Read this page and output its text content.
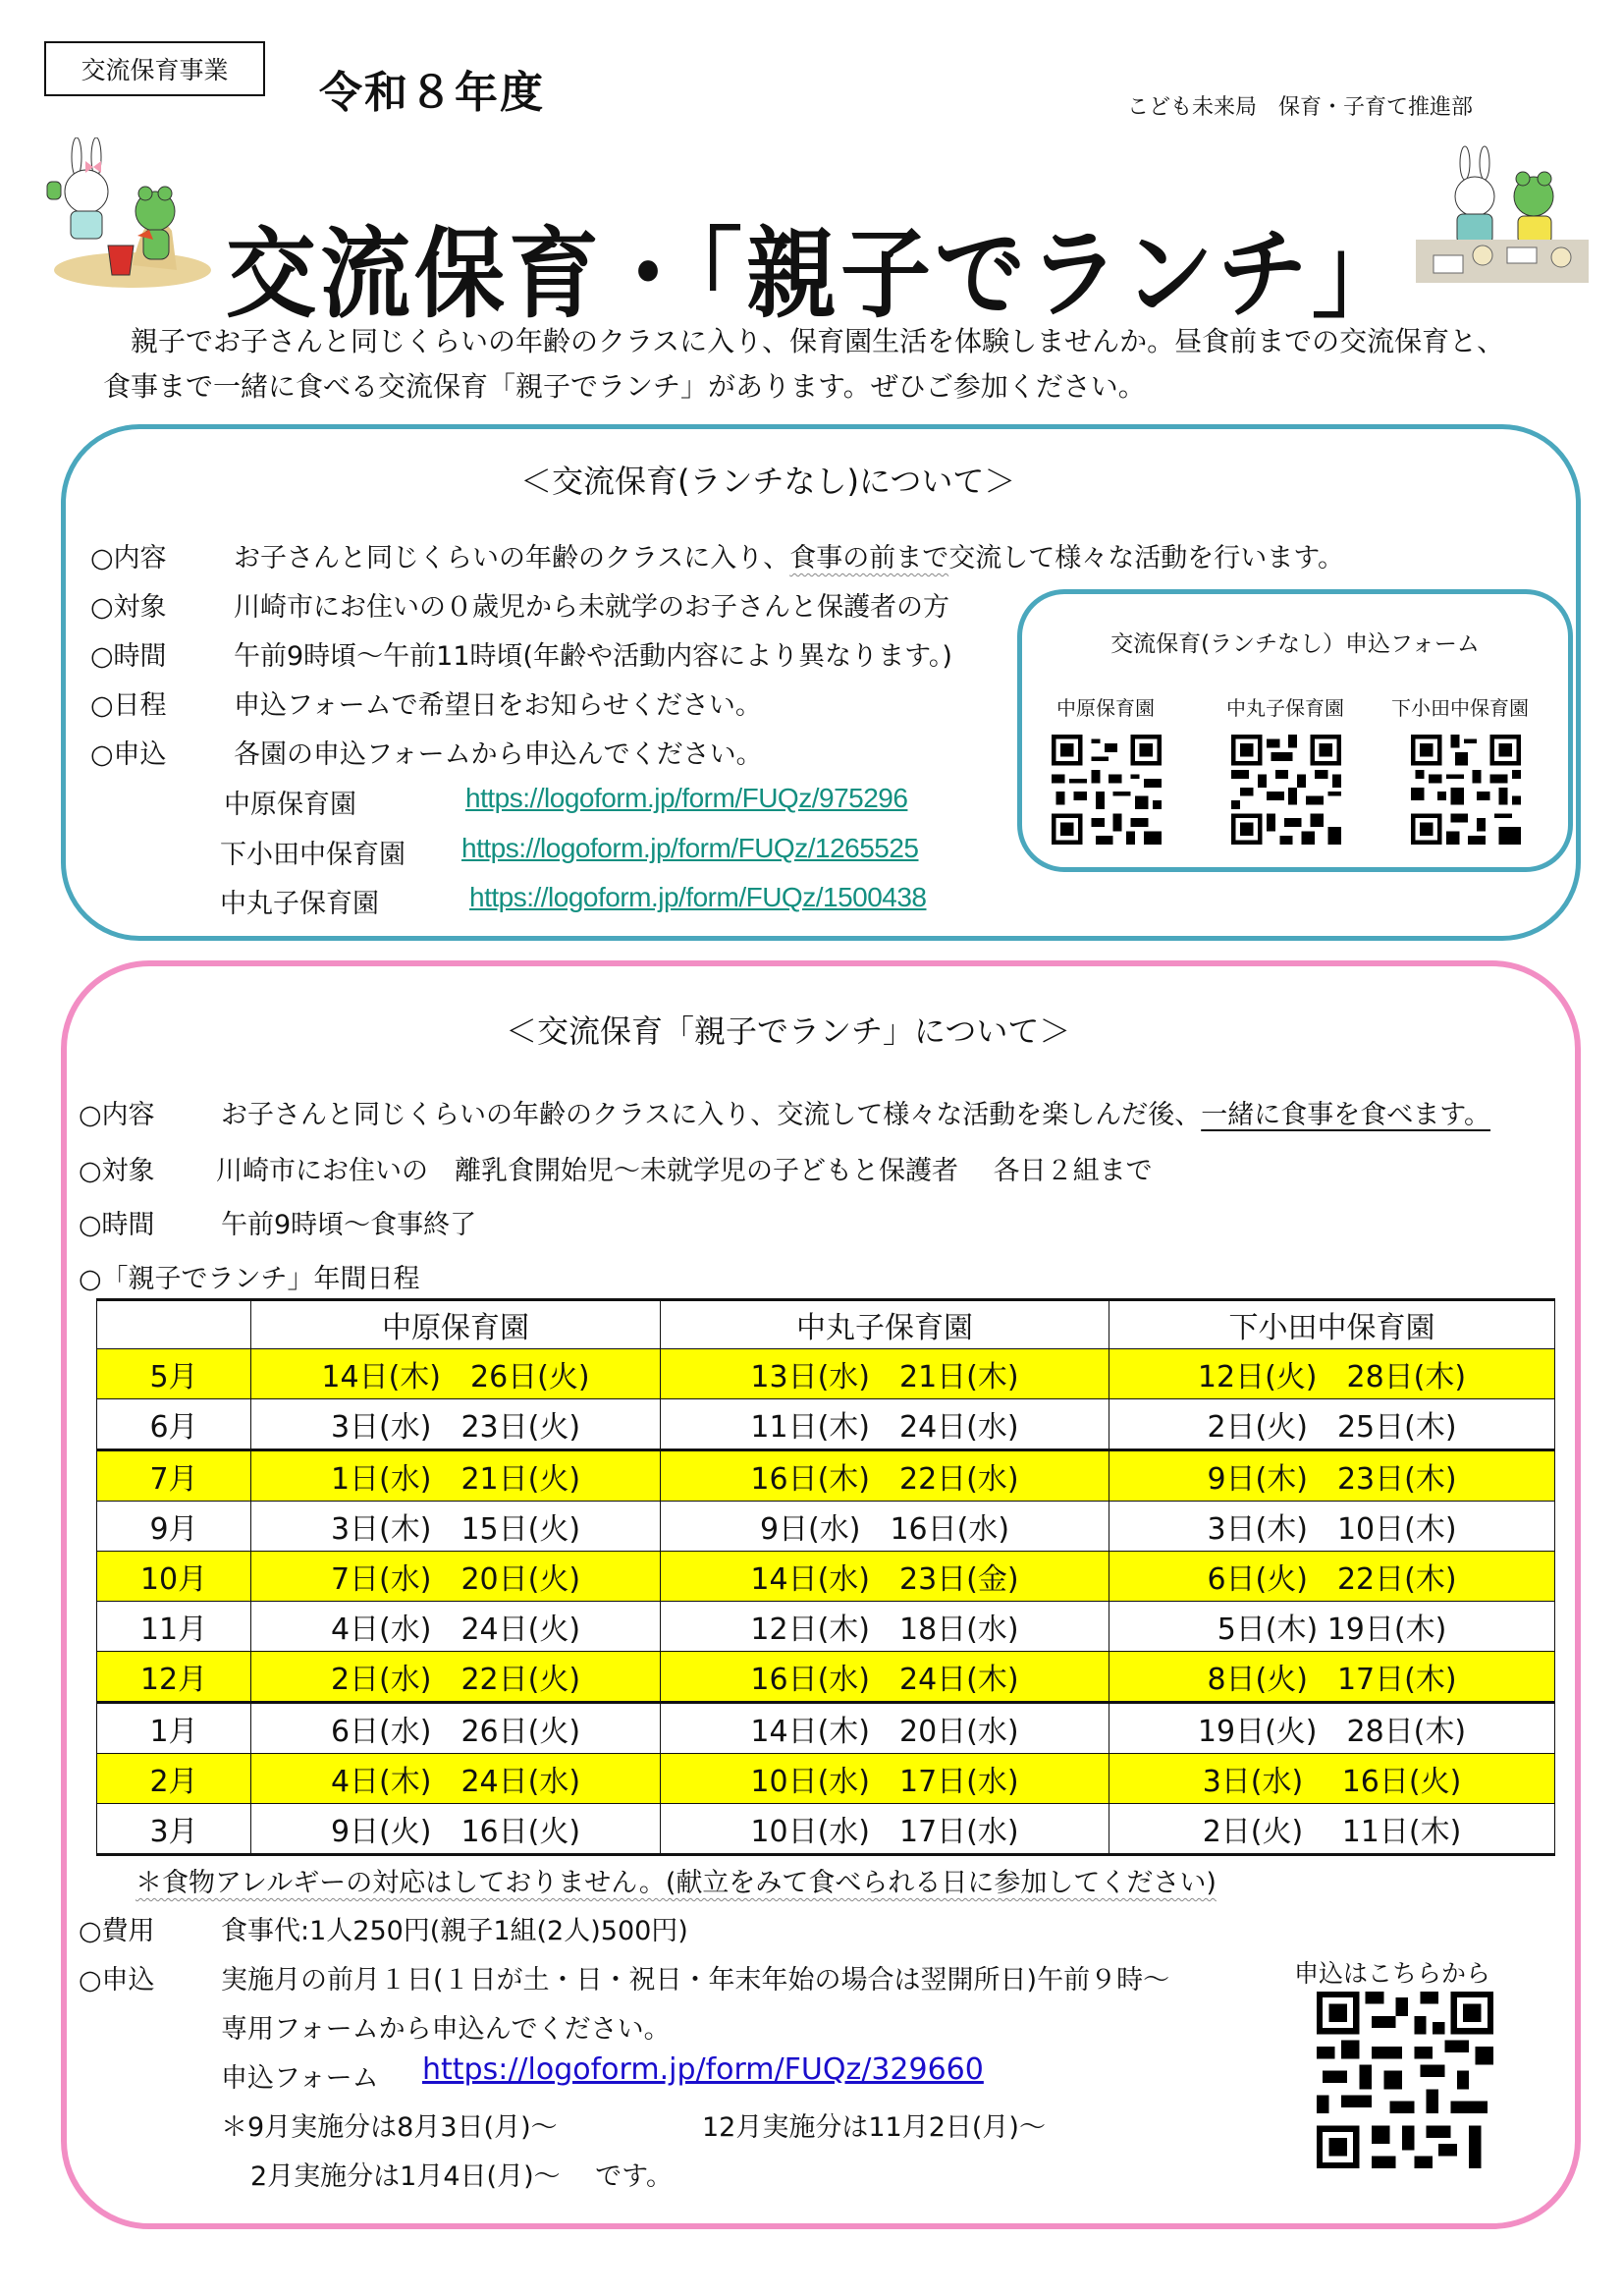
交流保育事業 令和８年度	こども未来局　保育・子育て推進部
交流保育・「親子でランチ」
　親子でお子さんと同じくらいの年齢のクラスに入り、保育園生活を体験しませんか。昼食前までの交流保育と、
食事まで一緒に食べる交流保育「親子でランチ」があります。ぜひご参加ください。
＜交流保育(ランチなし)について＞
○内容	お子さんと同じくらいの年齢のクラスに入り、食事の前まで交流して様々な活動を行います。
○対象	川崎市にお住いの０歳児から未就学のお子さんと保護者の方
○時間	午前9時頃～午前11時頃(年齢や活動内容により異なります。)
○日程	申込フォームで希望日をお知らせください。
○申込	各園の申込フォームから申込んでください。
中原保育園	https://logoform.jp/form/FUQz/975296
下小田中保育園 https://logoform.jp/form/FUQz/1265525
中丸子保育園	https://logoform.jp/form/FUQz/1500438
交流保育(ランチなし）申込フォーム
中原保育園	中丸子保育園	下小田中保育園
＜交流保育「親子でランチ」について＞
○内容 お子さんと同じくらいの年齢のクラスに入り、交流して様々な活動を楽しんだ後、一緒に食事を食べます。
○対象 川崎市にお住いの　離乳食開始児～未就学児の子どもと保護者　 各日２組まで
○時間 午前9時頃～食事終了
○「親子でランチ」年間日程
	中原保育園	中丸子保育園	下小田中保育園
5月	14日(木)　26日(火)	13日(水)　21日(木)	12日(火)　28日(木)
6月	3日(水)　23日(火)	11日(木)　24日(水)	2日(火)　25日(木)
7月	1日(水)　21日(火)	16日(木)　22日(水)	9日(木)　23日(木)
9月	3日(木)　15日(火)	9日(水)　16日(水)	3日(木)　10日(木)
10月	7日(水)　20日(火)	14日(水)　23日(金)	6日(火)　22日(木)
11月	4日(水)　24日(火)	12日(木)　18日(水)	5日(木) 19日(木)
12月	2日(水)　22日(火)	16日(水)　24日(木)	8日(火)　17日(木)
1月	6日(水)　26日(火)	14日(木)　20日(水)	19日(火)　28日(木)
2月	4日(木)　24日(水)	10日(水)　17日(水)	3日(水)　 16日(火)
3月	9日(火)　16日(火)	10日(水)　17日(水)	2日(火)　 11日(木)
＊食物アレルギーの対応はしておりません。(献立をみて食べられる日に参加してください)
○費用 食事代:1人250円(親子1組(2人)500円)
○申込 実施月の前月１日(１日が土・日・祝日・年末年始の場合は翌開所日)午前９時～
専用フォームから申込んでください。
申込フォーム https://logoform.jp/form/FUQz/329660
＊9月実施分は8月3日(月)～	12月実施分は11月2日(月)～
2月実施分は1月4日(月)～　 です。
申込はこちらから
